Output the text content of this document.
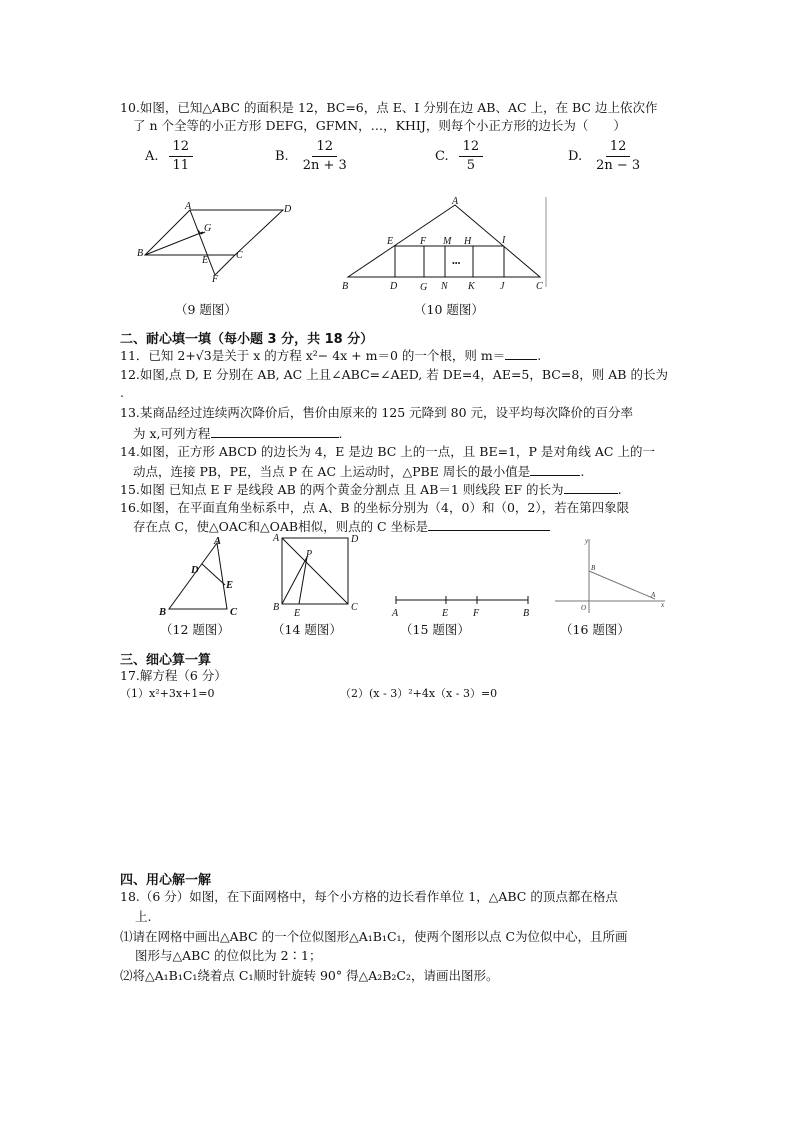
10.如图，已知△ABC 的面积是 12，BC=6，点 E、I 分别在边 AB、AC 上，在 BC 边上依次作
了 n 个全等的小正方形 DEFG，GFMN，…，KHIJ，则每个小正方形的边长为（　　）
A. $\frac{12}{11}$	B. $\frac{12}{2n + 3}$	C. $\frac{12}{5}$	D. $\frac{12}{2n - 3}$
A	D
G
B
E	C
F
（9 题图）
A
E	F M H	I
•••
B	D G N K	J	C
（10 题图）
二、耐心填一填（每小题 3 分，共 18 分）
11．已知 2+√3是关于 x 的方程 x²− 4x + m＝0 的一个根，则 m＝	.
12.如图,点 D, E 分别在 AB, AC 上且∠ABC=∠AED, 若 DE=4，AE=5，BC=8，则 AB 的长为
.
13.某商品经过连续两次降价后，售价由原来的 125 元降到 80 元，设平均每次降价的百分率
为 x,可列方程	.
14.如图，正方形 ABCD 的边长为 4，E 是边 BC 上的一点，且 BE=1，P 是对角线 AC 上的一
动点，连接 PB，PE，当点 P 在 AC 上运动时，△PBE 周长的最小值是	.
15.如图 已知点 E F 是线段 AB 的两个黄金分割点 且 AB＝1 则线段 EF 的长为	.
16.如图，在平面直角坐标系中，点 A、B 的坐标分别为（4，0）和（0，2），若在第四象限
存在点 C，使△OAC和△OAB相似，则点的 C 坐标是
A
D
E
B	C
（12 题图）
A	D
P
B
E
C
（14 题图）
A	E F	B
（15 题图）
y
B
O
A
x
（16 题图）
三、细心算一算
17.解方程（6 分）
（1）x²+3x+1=0	（2）(x - 3）²+4x（x - 3）=0
四、用心解一解
18.（6 分）如图，在下面网格中，每个小方格的边长看作单位 1，△ABC 的顶点都在格点
上.
⑴请在网格中画出△ABC 的一个位似图形△A₁B₁C₁，使两个图形以点 C为位似中心，且所画
图形与△ABC 的位似比为 2∶1；
⑵将△A₁B₁C₁绕着点 C₁顺时针旋转 90° 得△A₂B₂C₂，请画出图形。
